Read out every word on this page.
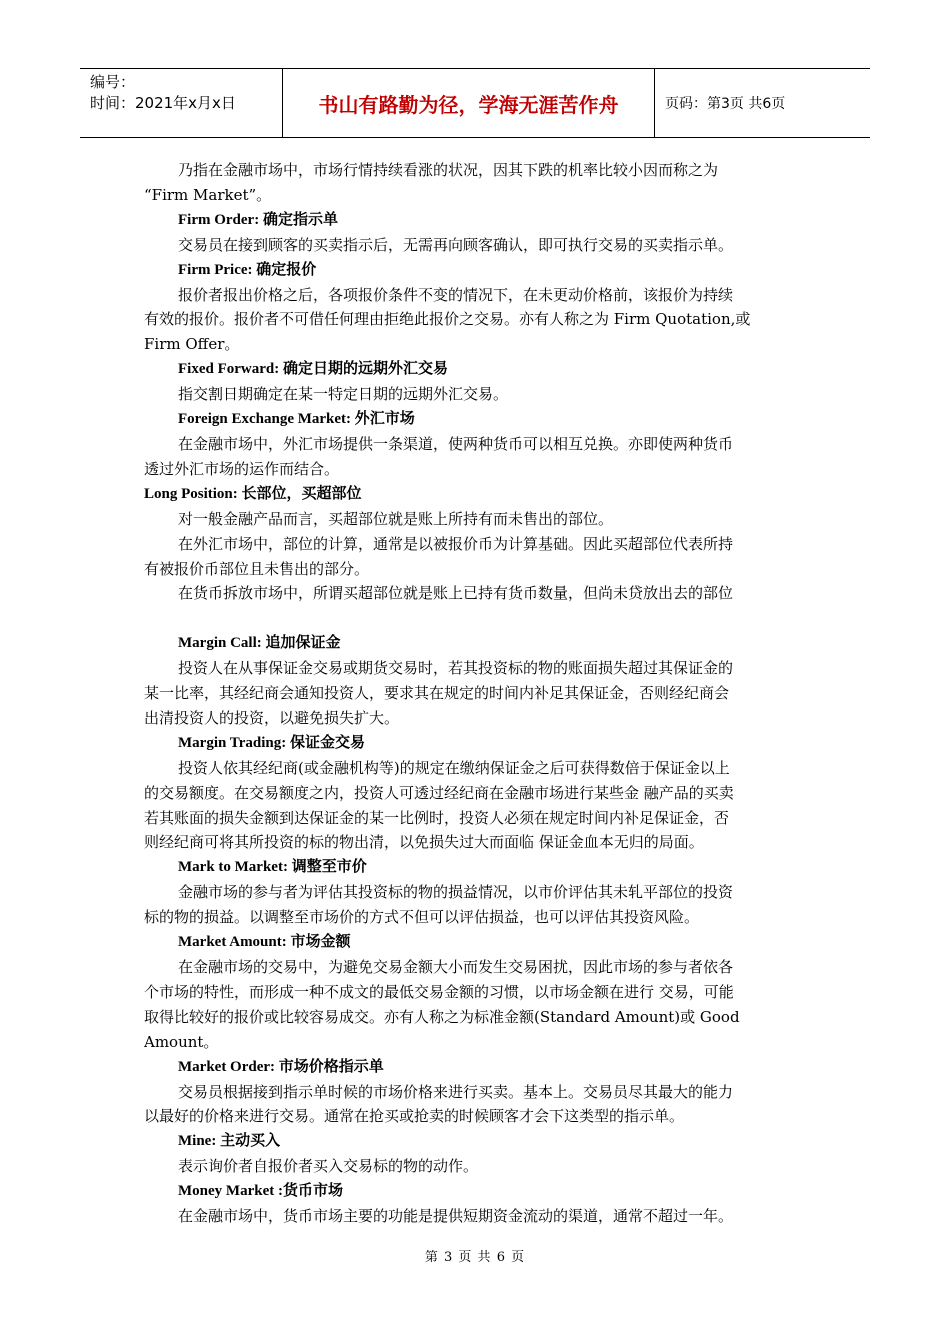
编号：
时间：2021年x月x日	书山有路勤为径，学海无涯苦作舟	页码：第3页 共6页
乃指在金融市场中，市场行情持续看涨的状况，因其下跌的机率比较小因而称之为
“Firm Market”。
Firm Order: 确定指示单
交易员在接到顾客的买卖指示后，无需再向顾客确认，即可执行交易的买卖指示单。
Firm Price: 确定报价
报价者报出价格之后，各项报价条件不变的情况下，在未更动价格前，该报价为持续
有效的报价。报价者不可借任何理由拒绝此报价之交易。亦有人称之为 Firm Quotation,或
Firm Offer。
Fixed Forward: 确定日期的远期外汇交易
指交割日期确定在某一特定日期的远期外汇交易。
Foreign Exchange Market: 外汇市场
在金融市场中，外汇市场提供一条渠道，使两种货币可以相互兑换。亦即使两种货币
透过外汇市场的运作而结合。
Long Position: 长部位，买超部位
对一般金融产品而言，买超部位就是账上所持有而未售出的部位。
在外汇市场中，部位的计算，通常是以被报价币为计算基础。因此买超部位代表所持
有被报价币部位且未售出的部分。
在货币拆放市场中，所谓买超部位就是账上已持有货币数量，但尚未贷放出去的部位
Margin Call: 追加保证金
投资人在从事保证金交易或期货交易时，若其投资标的物的账面损失超过其保证金的
某一比率，其经纪商会通知投资人，要求其在规定的时间内补足其保证金，否则经纪商会
出清投资人的投资，以避免损失扩大。
Margin Trading: 保证金交易
投资人依其经纪商(或金融机构等)的规定在缴纳保证金之后可获得数倍于保证金以上
的交易额度。在交易额度之内，投资人可透过经纪商在金融市场进行某些金 融产品的买卖
若其账面的损失金额到达保证金的某一比例时，投资人必须在规定时间内补足保证金，否
则经纪商可将其所投资的标的物出清，以免损失过大而面临 保证金血本无归的局面。
Mark to Market: 调整至市价
金融市场的参与者为评估其投资标的物的损益情况，以市价评估其未轧平部位的投资
标的物的损益。以调整至市场价的方式不但可以评估损益，也可以评估其投资风险。
Market Amount: 市场金额
在金融市场的交易中，为避免交易金额大小而发生交易困扰，因此市场的参与者依各
个市场的特性，而形成一种不成文的最低交易金额的习惯，以市场金额在进行 交易，可能
取得比较好的报价或比较容易成交。亦有人称之为标准金额(Standard Amount)或 Good
Amount。
Market Order: 市场价格指示单
交易员根据接到指示单时候的市场价格来进行买卖。基本上。交易员尽其最大的能力
以最好的价格来进行交易。通常在抢买或抢卖的时候顾客才会下这类型的指示单。
Mine: 主动买入
表示询价者自报价者买入交易标的物的动作。
Money Market :货币市场
在金融市场中，货币市场主要的功能是提供短期资金流动的渠道，通常不超过一年。
第 3 页 共 6 页
